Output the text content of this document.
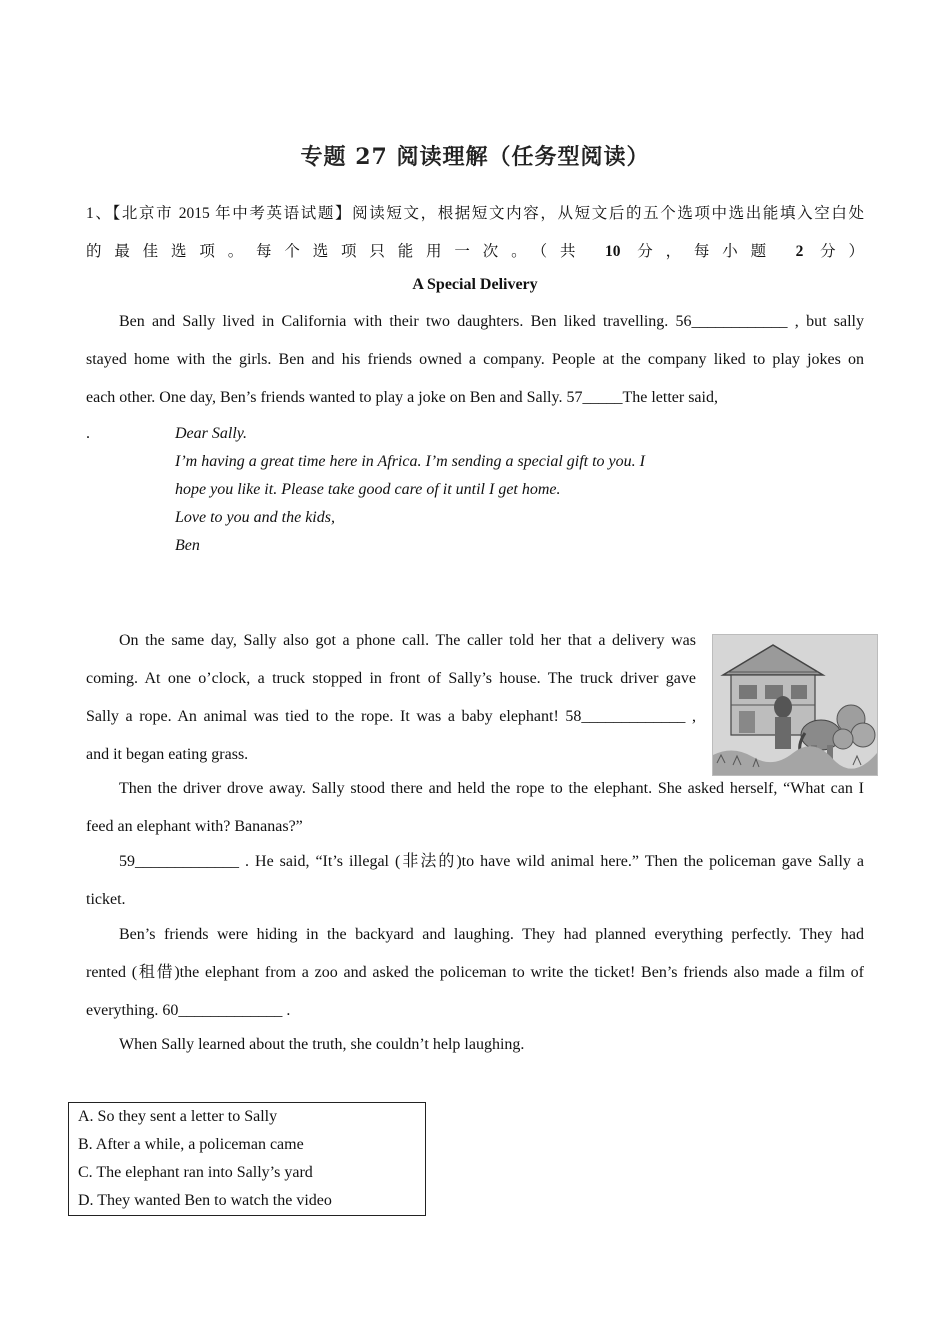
专题 27 阅读理解（任务型阅读）
1、【北京市 2015 年中考英语试题】阅读短文，根据短文内容，从短文后的五个选项中选出能填入空白处
的最佳选项。每个选项只能用一次。（共 10 分，每小题 2 分）
A Special Delivery
Ben and Sally lived in California with their two daughters. Ben liked travelling. 56____________ , but sally
stayed home with the girls. Ben and his friends owned a company. People at the company liked to play jokes on
each other. One day, Ben’s friends wanted to play a joke on Ben and Sally. 57_____The letter said,
.	Dear Sally.
I’m having a great time here in Africa. I’m sending a special gift to you. I
hope you like it. Please take good care of it until I get home.
Love to you and the kids,
Ben
On the same day, Sally also got a phone call. The caller told her that a delivery was
coming. At one o’clock, a truck stopped in front of Sally’s house. The truck driver gave
Sally a rope. An animal was tied to the rope. It was a baby elephant! 58_____________ ,
and it began eating grass.
Then the driver drove away. Sally stood there and held the rope to the elephant. She asked herself, “What can I
feed an elephant with? Bananas?”
59_____________ . He said, “It’s illegal (非法的)to have wild animal here.” Then the policeman gave Sally a
ticket.
Ben’s friends were hiding in the backyard and laughing. They had planned everything perfectly. They had
rented (租借)the elephant from a zoo and asked the policeman to write the ticket! Ben’s friends also made a film of
everything. 60_____________ .
When Sally learned about the truth, she couldn’t help laughing.
A. So they sent a letter to Sally
B. After a while, a policeman came
C. The elephant ran into Sally’s yard
D. They wanted Ben to watch the video
